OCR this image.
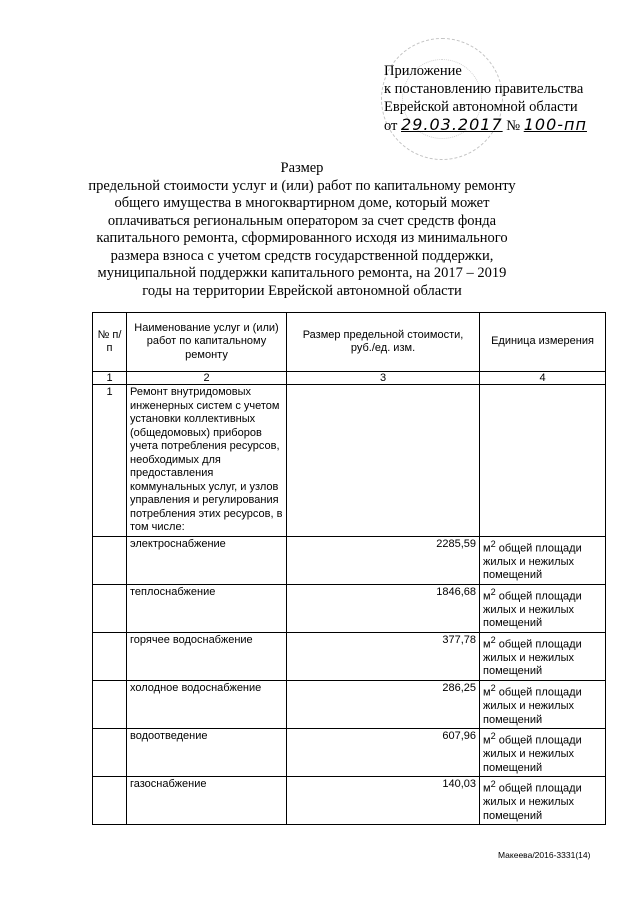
Приложение
к постановлению правительства
Еврейской автономной области
от 29.03.2017 № 100-пп
Размер
предельной стоимости услуг и (или) работ по капитальному ремонту общего имущества в многоквартирном доме, который может оплачиваться региональным оператором за счет средств фонда капитального ремонта, сформированного исходя из минимального размера взноса с учетом средств государственной поддержки, муниципальной поддержки капитального ремонта, на 2017 – 2019 годы на территории Еврейской автономной области
№ п/п	Наименование услуг и (или) работ по капитальному ремонту	Размер предельной стоимости, руб./ед. изм.	Единица измерения
1	2	3	4
1	Ремонт внутридомовых инженерных систем с учетом установки коллективных (общедомовых) приборов учета потребления ресурсов, необходимых для предоставления коммунальных услуг, и узлов управления и регулирования потребления этих ресурсов, в том числе:		
	электроснабжение	2285,59	$м^2$ общей площади жилых и нежилых помещений
	теплоснабжение	1846,68	$м^2$ общей площади жилых и нежилых помещений
	горячее водоснабжение	377,78	$м^2$ общей площади жилых и нежилых помещений
	холодное водоснабжение	286,25	$м^2$ общей площади жилых и нежилых помещений
	водоотведение	607,96	$м^2$ общей площади жилых и нежилых помещений
	газоснабжение	140,03	$м^2$ общей площади жилых и нежилых помещений
Макеева/2016-3331(14)
